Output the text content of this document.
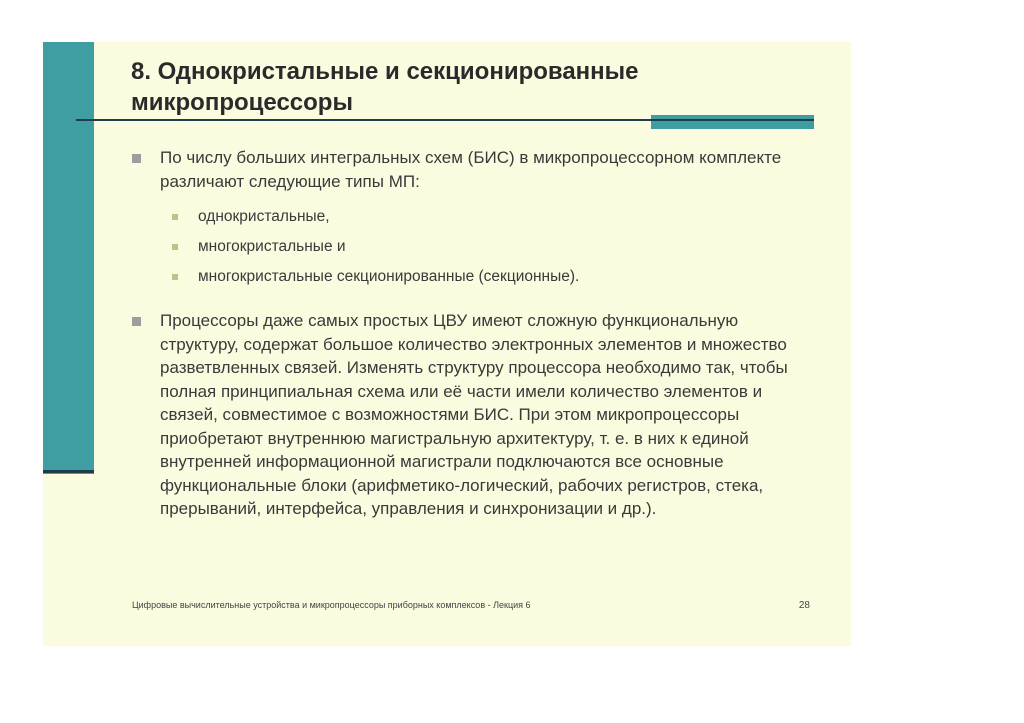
8. Однокристальные и секционированные микропроцессоры
По числу больших интегральных схем (БИС) в микропроцессорном комплекте различают следующие типы МП:
однокристальные,
многокристальные и
многокристальные секционированные (секционные).
Процессоры даже самых простых ЦВУ имеют сложную функциональную структуру, содержат большое количество электронных элементов и множество разветвленных связей. Изменять структуру процессора необходимо так, чтобы полная принципиальная схема или её части имели количество элементов и связей, совместимое с возможностями БИС. При этом микропроцессоры приобретают внутреннюю магистральную архитектуру, т. е. в них к единой внутренней информационной магистрали подключаются все основные функциональные блоки (арифметико-логический, рабочих регистров, стека, прерываний, интерфейса, управления и синхронизации и др.).
Цифровые вычислительные устройства и микропроцессоры приборных комплексов - Лекция 6	28
